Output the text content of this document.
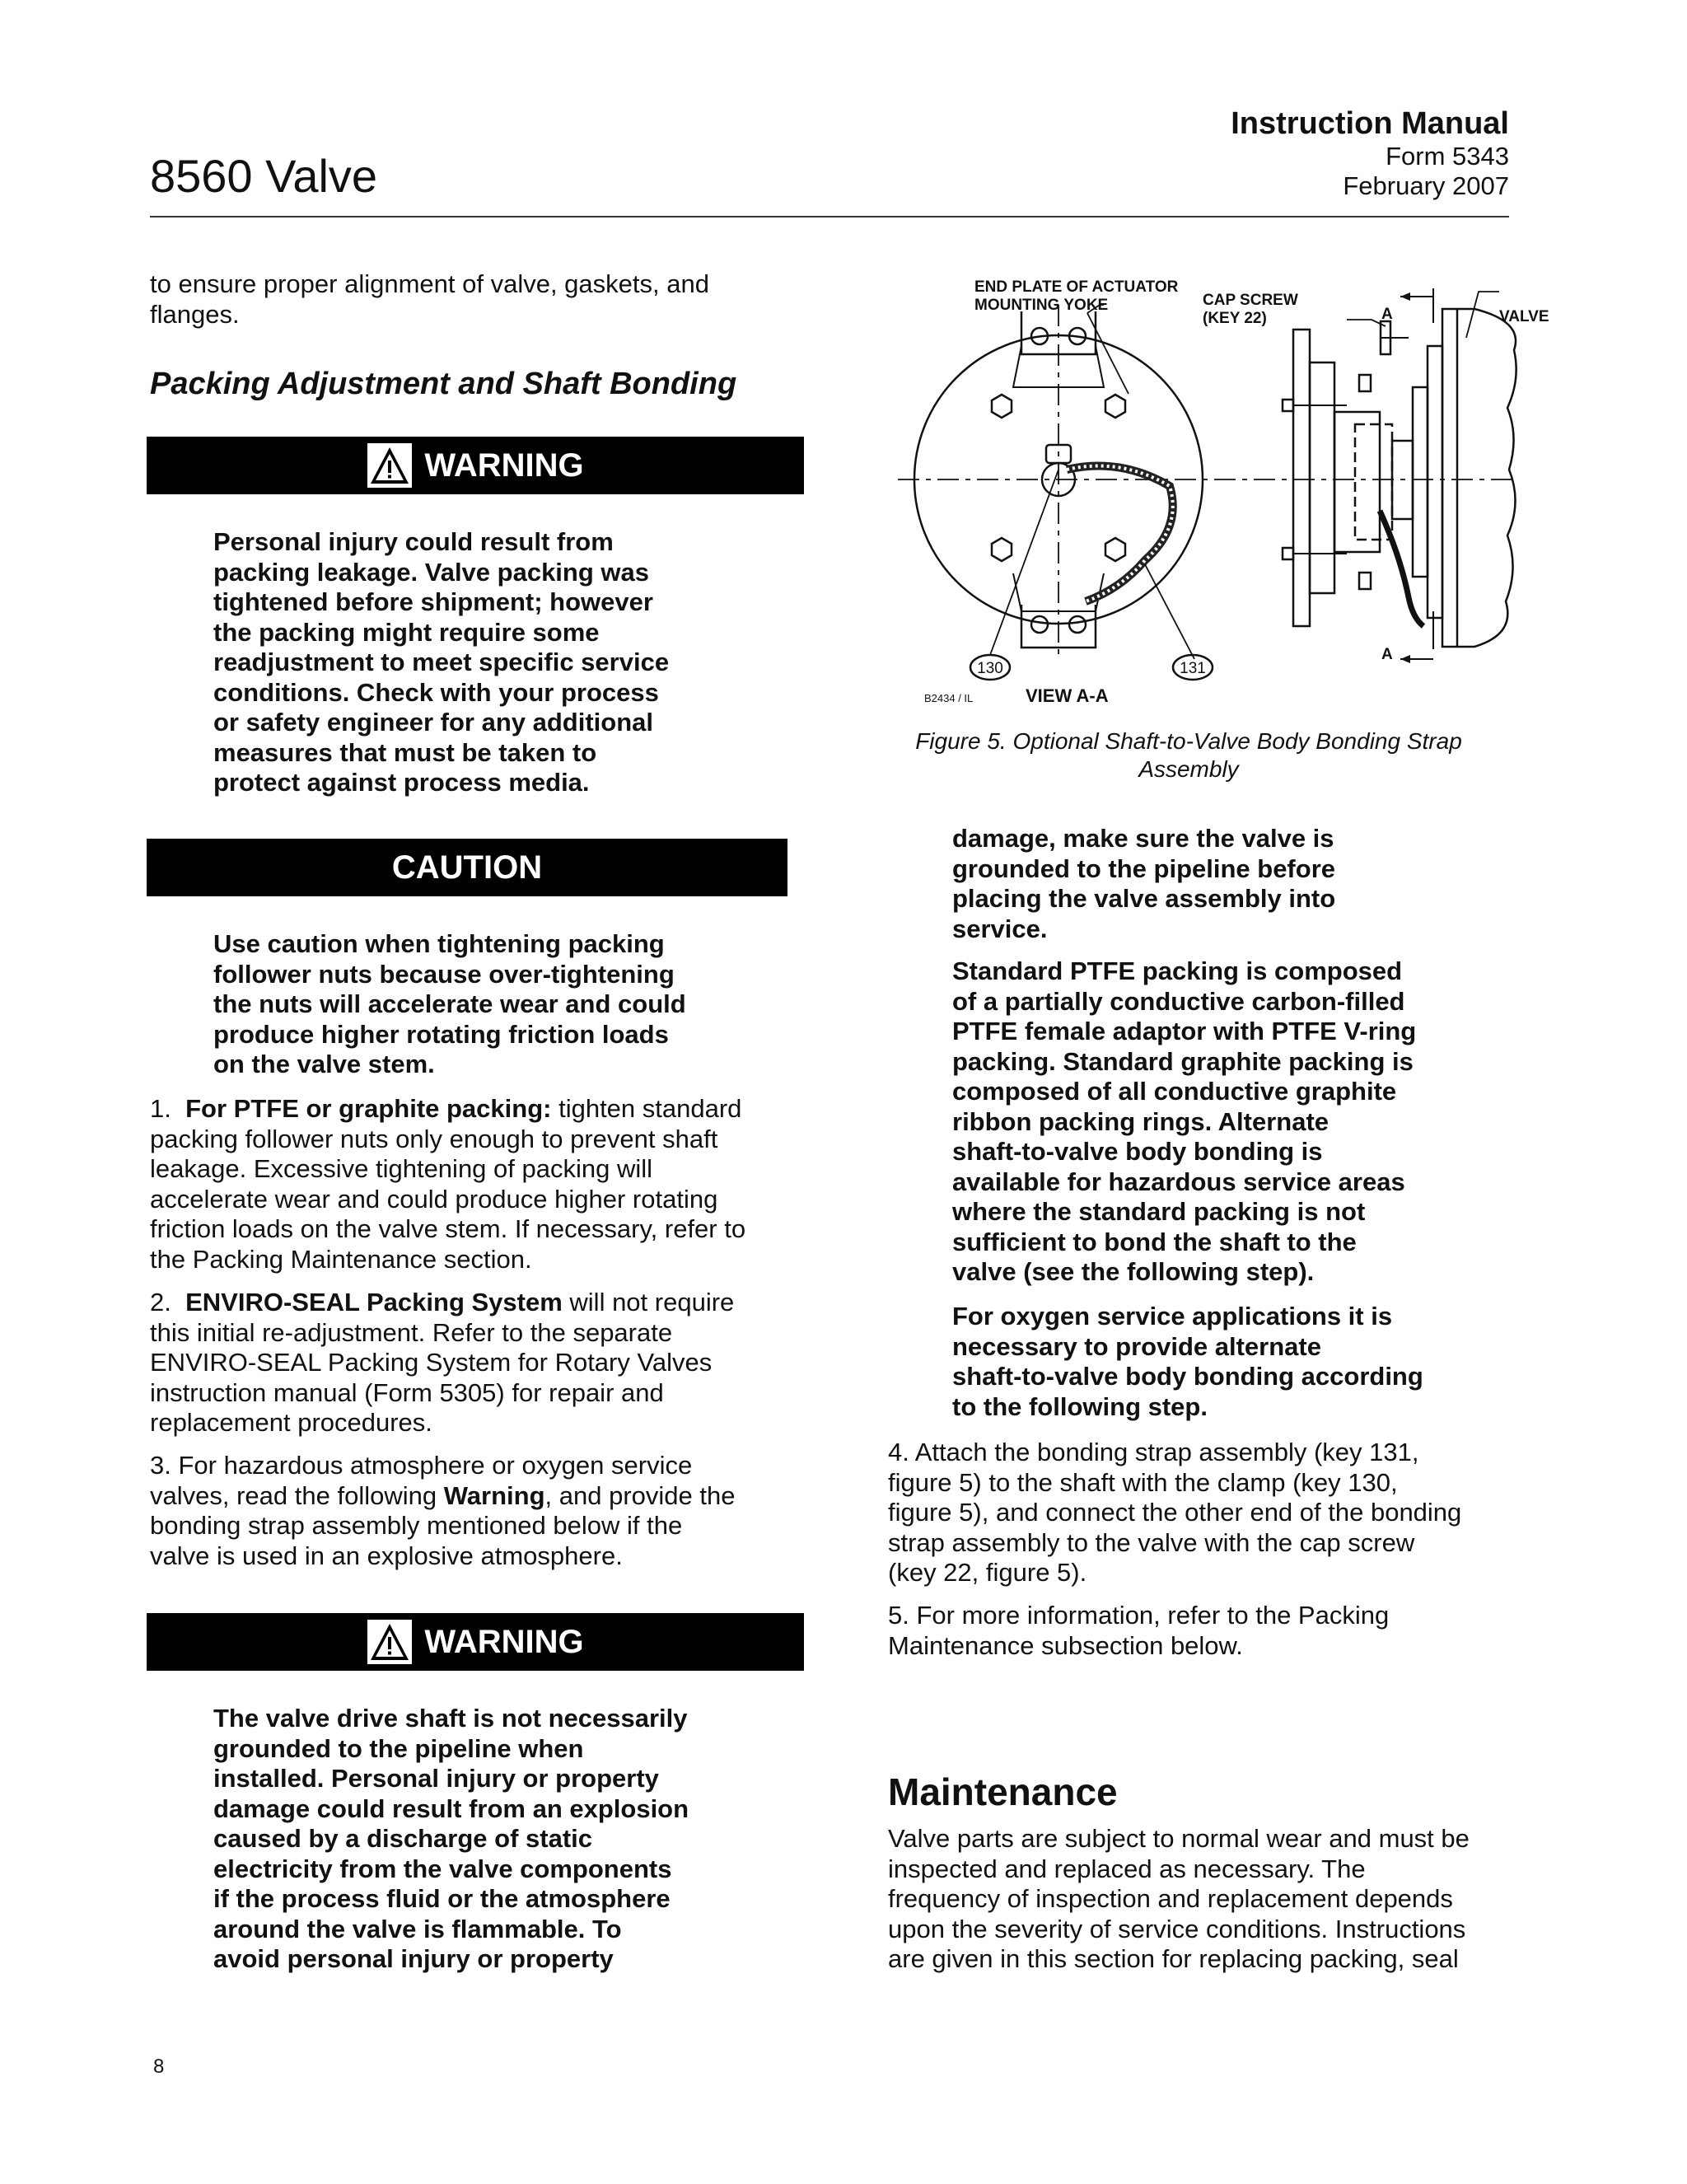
8560 Valve
Instruction Manual
Form 5343
February 2007
to ensure proper alignment of valve, gaskets, and
flanges.
Packing Adjustment and Shaft Bonding
WARNING
Personal injury could result from
packing leakage. Valve packing was
tightened before shipment; however
the packing might require some
readjustment to meet specific service
conditions. Check with your process
or safety engineer for any additional
measures that must be taken to
protect against process media.
CAUTION
Use caution when tightening packing
follower nuts because over-tightening
the nuts will accelerate wear and could
produce higher rotating friction loads
on the valve stem.
1. For PTFE or graphite packing: tighten standard
packing follower nuts only enough to prevent shaft
leakage. Excessive tightening of packing will
accelerate wear and could produce higher rotating
friction loads on the valve stem. If necessary, refer to
the Packing Maintenance section.
2. ENVIRO-SEAL Packing System will not require
this initial re-adjustment. Refer to the separate
ENVIRO-SEAL Packing System for Rotary Valves
instruction manual (Form 5305) for repair and
replacement procedures.
3. For hazardous atmosphere or oxygen service
valves, read the following Warning, and provide the
bonding strap assembly mentioned below if the
valve is used in an explosive atmosphere.
WARNING
The valve drive shaft is not necessarily
grounded to the pipeline when
installed. Personal injury or property
damage could result from an explosion
caused by a discharge of static
electricity from the valve components
if the process fluid or the atmosphere
around the valve is flammable. To
avoid personal injury or property
END PLATE OF ACTUATOR
MOUNTING YOKE	CAP SCREW
(KEY 22)	A
A
VALVE
130	131
B2434 / IL	VIEW A-A
Figure 5. Optional Shaft-to-Valve Body Bonding Strap
Assembly
damage, make sure the valve is
grounded to the pipeline before
placing the valve assembly into
service.
Standard PTFE packing is composed
of a partially conductive carbon-filled
PTFE female adaptor with PTFE V-ring
packing. Standard graphite packing is
composed of all conductive graphite
ribbon packing rings. Alternate
shaft-to-valve body bonding is
available for hazardous service areas
where the standard packing is not
sufficient to bond the shaft to the
valve (see the following step).
For oxygen service applications it is
necessary to provide alternate
shaft-to-valve body bonding according
to the following step.
4. Attach the bonding strap assembly (key 131,
figure 5) to the shaft with the clamp (key 130,
figure 5), and connect the other end of the bonding
strap assembly to the valve with the cap screw
(key 22, figure 5).
5. For more information, refer to the Packing
Maintenance subsection below.
Maintenance
Valve parts are subject to normal wear and must be
inspected and replaced as necessary. The
frequency of inspection and replacement depends
upon the severity of service conditions. Instructions
are given in this section for replacing packing, seal
8
